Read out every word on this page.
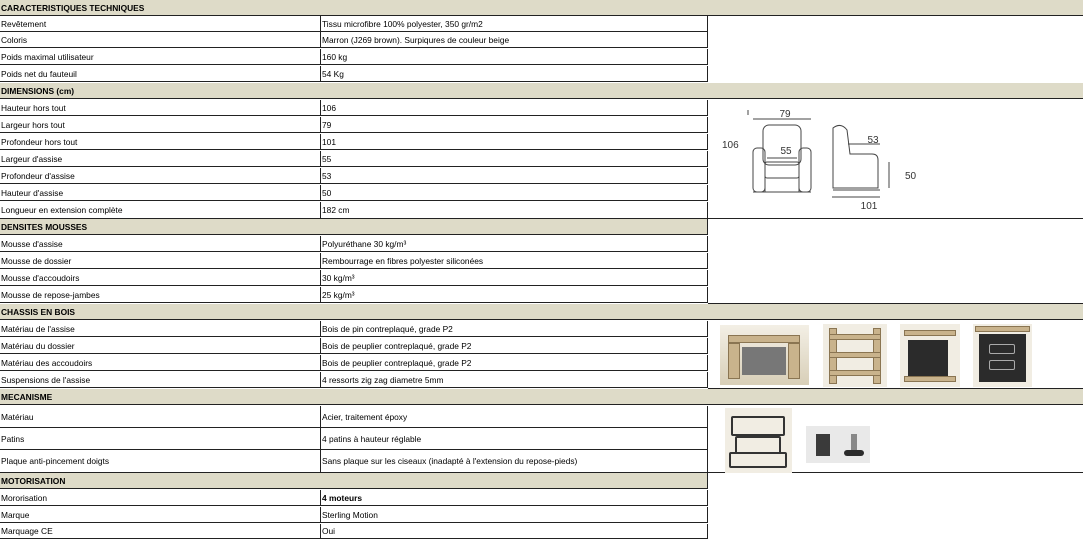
CARACTERISTIQUES TECHNIQUES
Revêtement	Tissu microfibre 100% polyester, 350 gr/m2
Coloris	Marron (J269 brown). Surpiqures de couleur beige
Poids maximal utilisateur	160 kg
Poids net du fauteuil	54 Kg
DIMENSIONS (cm)
Hauteur hors tout	106
Largeur hors tout	79
Profondeur hors tout	101
Largeur d'assise	55
Profondeur d'assise	53
Hauteur d'assise	50
Longueur en extension complète	182 cm
79
106
55
53
50
101
DENSITES MOUSSES
Mousse d'assise	Polyuréthane 30 kg/m³
Mousse de dossier	Rembourrage en fibres polyester siliconées
Mousse d'accoudoirs	30 kg/m³
Mousse de repose-jambes	25 kg/m³
CHASSIS EN BOIS
Matériau de l'assise	Bois de pin contreplaqué, grade P2
Matériau du dossier	Bois de peuplier contreplaqué, grade P2
Matériau des accoudoirs	Bois de peuplier contreplaqué, grade P2
Suspensions de l'assise	4 ressorts zig zag diametre 5mm
MECANISME
Matériau	Acier, traitement époxy
Patins	4 patins à hauteur réglable
Plaque anti-pincement doigts	Sans plaque sur les ciseaux (inadapté à l'extension du repose-pieds)
MOTORISATION
Mororisation	4 moteurs
Marque	Sterling Motion
Marquage CE	Oui
